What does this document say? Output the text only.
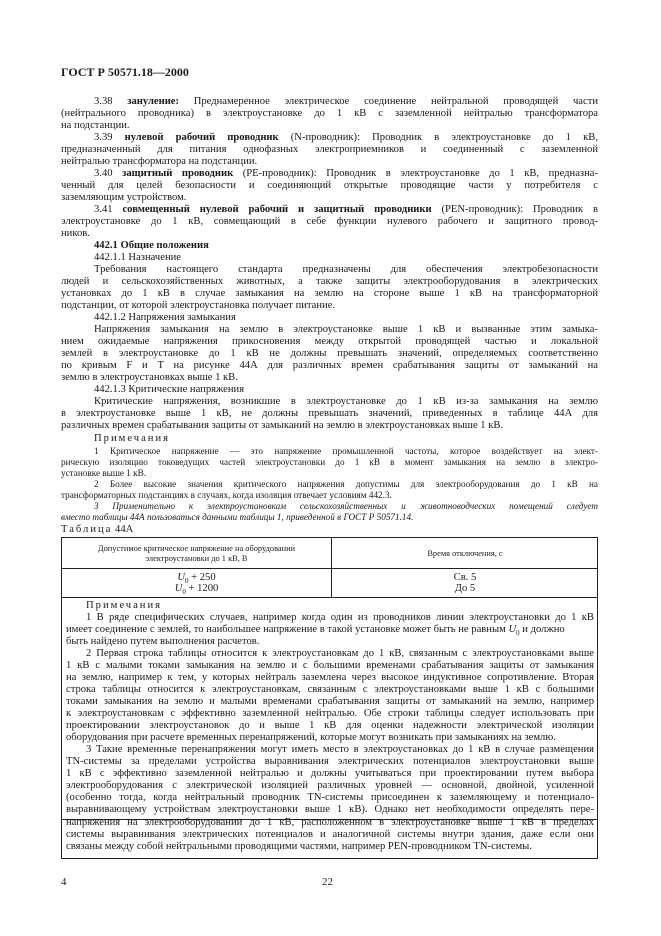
ГОСТ Р 50571.18—2000
3.38 зануление: Преднамеренное электрическое соединение нейтральной проводящей части
(нейтрального проводника) в электроустановке до 1 кВ с заземленной нейтралью трансформатора
на подстанции.
3.39 нулевой рабочий проводник (N-проводник): Проводник в электроустановке до 1 кВ,
предназначенный для питания однофазных электроприемников и соединенный с заземленной
нейтралью трансформатора на подстанции.
3.40 защитный проводник (PE-проводник): Проводник в электроустановке до 1 кВ, предназна-
ченный для целей безопасности и соединяющий открытые проводящие части у потребителя с
заземляющим устройством.
3.41 совмещенный нулевой рабочий и защитный проводники (PEN-проводник): Проводник в
электроустановке до 1 кВ, совмещающий в себе функции нулевого рабочего и защитного провод-
ников.
442.1 Общие положения
442.1.1 Назначение
Требования настоящего стандарта предназначены для обеспечения электробезопасности
людей и сельскохозяйственных животных, а также защиты электрооборудования в электрических
установках до 1 кВ в случае замыкания на землю на стороне выше 1 кВ на трансформаторной
подстанции, от которой электроустановка получает питание.
442.1.2 Напряжения замыкания
Напряжения замыкания на землю в электроустановке выше 1 кВ и вызванные этим замыка-
нием ожидаемые напряжения прикосновения между открытой проводящей частью и локальной
землей в электроустановке до 1 кВ не должны превышать значений, определяемых соответственно
по кривым F и T на рисунке 44А для различных времен срабатывания защиты от замыканий на
землю в электроустановках выше 1 кВ.
442.1.3 Критические напряжения
Критические напряжения, возникшие в электроустановке до 1 кВ из-за замыкания на землю
в электроустановке выше 1 кВ, не должны превышать значений, приведенных в таблице 44А для
различных времен срабатывания защиты от замыканий на землю в электроустановках выше 1 кВ.
Примечания
1 Критическое напряжение — это напряжение промышленной частоты, которое воздействует на элект-
рическую изоляцию токоведущих частей электроустановки до 1 кВ в момент замыкания на землю в электро-
установке выше 1 кВ.
2 Более высокие значения критического напряжения допустимы для электрооборудования до 1 кВ на
трансформаторных подстанциях в случаях, когда изоляция отвечает условиям 442.3.
3 Применительно к электроустановкам сельскохозяйственных и животноводческих помещений следует
вместо таблицы 44А пользоваться данными таблицы 1, приведенной в ГОСТ Р 50571.14.
Таблица 44А
Допустимое критическое напряжение на оборудовании
электроустановки до 1 кВ, В
Время отключения, с
$U_0 + 250$
$U_0 + 1200$
Св. 5
До 5
Примечания
1 В ряде специфических случаев, например когда один из проводников линии электроустановки до 1 кВ
имеет соединение с землей, то наибольшее напряжение в такой установке может быть не равным $U_0$ и должно
быть найдено путем выполнения расчетов.
2 Первая строка таблицы относится к электроустановкам до 1 кВ, связанным с электроустановками выше
1 кВ с малыми токами замыкания на землю и с большими временами срабатывания защиты от замыкания
на землю, например к тем, у которых нейтраль заземлена через высокое индуктивное сопротивление. Вторая
строка таблицы относится к электроустановкам, связанным с электроустановками выше 1 кВ с большими
токами замыкания на землю и малыми временами срабатывания защиты от замыканий на землю, например
к электроустановкам с эффективно заземленной нейтралью. Обе строки таблицы следует использовать при
проектировании электроустановок до и выше 1 кВ для оценки надежности электрической изоляции
оборудования при расчете временных перенапряжений, которые могут возникать при замыканиях на землю.
3 Такие временные перенапряжения могут иметь место в электроустановках до 1 кВ в случае размещения
TN-системы за пределами устройства выравнивания электрических потенциалов электроустановки выше
1 кВ с эффективно заземленной нейтралью и должны учитываться при проектировании путем выбора
электрооборудования с электрической изоляцией различных уровней — основной, двойной, усиленной
(особенно тогда, когда нейтральный проводник TN-системы присоединен к заземляющему и потенциало-
выравнивающему устройствам электроустановки выше 1 кВ). Однако нет необходимости определять пере-
напряжения на электрооборудовании до 1 кВ, расположенном в электроустановке выше 1 кВ в пределах
системы выравнивания электрических потенциалов и аналогичной системы внутри здания, даже если они
связаны между собой нейтральными проводящими частями, например PEN-проводником TN-системы.
4	22
